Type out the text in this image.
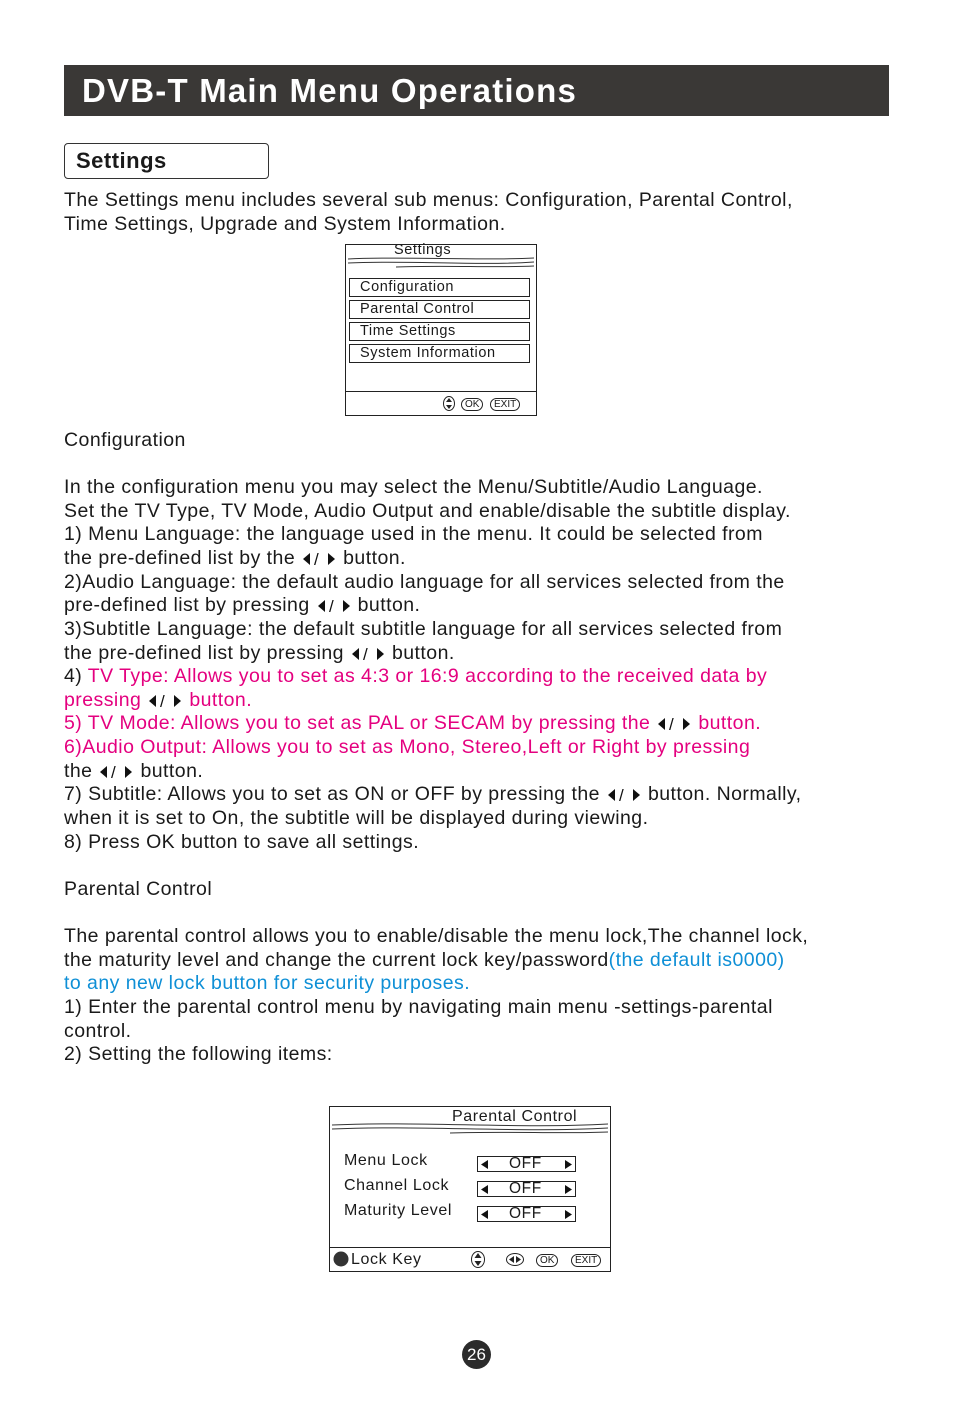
DVB-T Main Menu Operations
Settings

The Settings menu includes several sub menus: Configuration, Parental Control,

Time Settings, Upgrade and System Information.

Settings
Configuration
Parental Control
Time Settings
System Information
OK	EXIT

Configuration

In the configuration menu you may select the Menu/Subtitle/Audio Language.

Set the TV Type, TV Mode, Audio Output and enable/disable the subtitle display.

1) Menu Language: the language used in the menu. It could be selected from

the pre-defined list by the / button.

2)Audio Language: the default audio language for all services selected from the

pre-defined list by pressing / button.

3)Subtitle Language: the default subtitle language for all services selected from

the pre-defined list by pressing / button.

4) TV Type: Allows you to set as 4:3 or 16:9 according to the received data by

pressing / button.

5) TV Mode: Allows you to set as PAL or SECAM by pressing the / button.

6)Audio Output: Allows you to set as Mono, Stereo,Left or Right by pressing

the / button.

7) Subtitle: Allows you to set as ON or OFF by pressing the / button. Normally,

when it is set to On, the subtitle will be displayed during viewing.

8) Press OK button to save all settings.

Parental Control

The parental control allows you to enable/disable the menu lock,The channel lock,

the maturity level and change the current lock key/password(the default is0000)

to any new lock button for security purposes.

1) Enter the parental control menu by navigating main menu -settings-parental

control.

2) Setting the following items:

Parental Control
Menu Lock	OFF
Channel Lock	OFF
Maturity Level	OFF
Lock Key	OK	EXIT
26
